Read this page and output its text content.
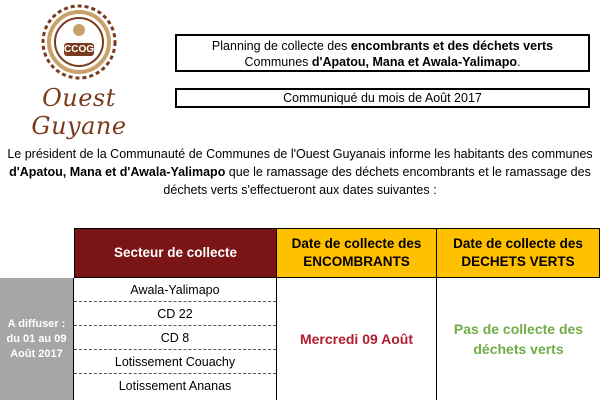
CCOG
Ouest Guyane
Planning de collecte des encombrants et des déchets verts
Communes d'Apatou, Mana et Awala-Yalimapo.
Communiqué du mois de Août 2017
Le président de la Communauté de Communes de l'Ouest Guyanais informe les habitants des communes d'Apatou, Mana et d'Awala-Yalimapo que le ramassage des déchets encombrants et le ramassage des déchets verts s'effectueront aux dates suivantes :
Secteur de collecte
Date de collecte des ENCOMBRANTS
Date de collecte des DECHETS VERTS
A diffuser : du 01 au 09 Août 2017
Awala-Yalimapo
CD 22
CD 8
Lotissement Couachy
Lotissement Ananas
Mercredi 09 Août
Pas de collecte des déchets verts
